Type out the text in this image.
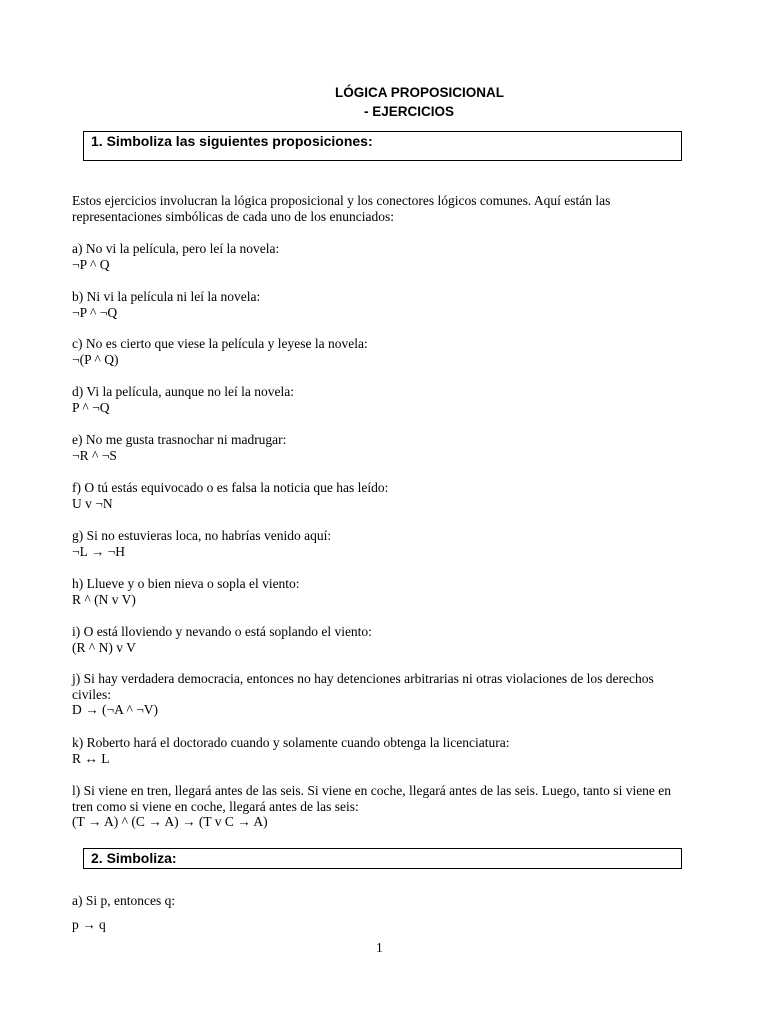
LÓGICA PROPOSICIONAL
- EJERCICIOS
1. Simboliza las siguientes proposiciones:
Estos ejercicios involucran la lógica proposicional y los conectores lógicos comunes. Aquí están las representaciones simbólicas de cada uno de los enunciados:
a) No vi la película, pero leí la novela:
¬P ^ Q
b) Ni vi la película ni leí la novela:
¬P ^ ¬Q
c) No es cierto que viese la película y leyese la novela:
¬(P ^ Q)
d) Vi la película, aunque no leí la novela:
P ^ ¬Q
e) No me gusta trasnochar ni madrugar:
¬R ^ ¬S
f) O tú estás equivocado o es falsa la noticia que has leído:
U v ¬N
g) Si no estuvieras loca, no habrías venido aquí:
¬L → ¬H
h) Llueve y o bien nieva o sopla el viento:
R ^ (N v V)
i) O está lloviendo y nevando o está soplando el viento:
(R ^ N) v V
j) Si hay verdadera democracia, entonces no hay detenciones arbitrarias ni otras violaciones de los derechos civiles:
D → (¬A ^ ¬V)
k) Roberto hará el doctorado cuando y solamente cuando obtenga la licenciatura:
R ↔ L
l) Si viene en tren, llegará antes de las seis. Si viene en coche, llegará antes de las seis. Luego, tanto si viene en tren como si viene en coche, llegará antes de las seis:
(T → A) ^ (C → A) → (T v C → A)
2. Simboliza:
a) Si p, entonces q:
p → q
1
